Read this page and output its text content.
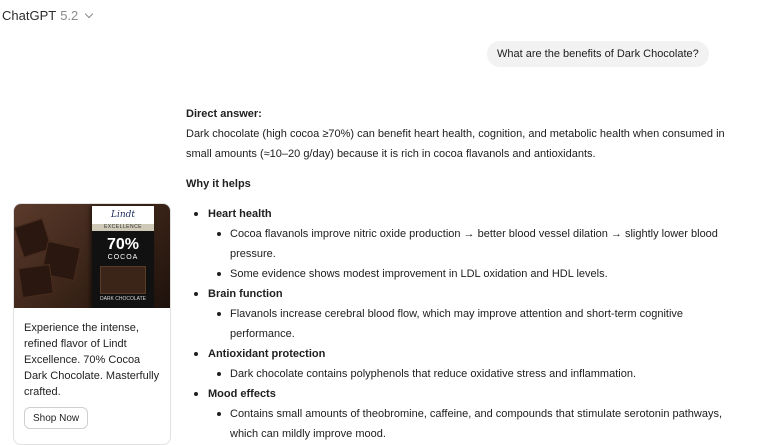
ChatGPT 5.2
What are the benefits of Dark Chocolate?

Direct answer:

Dark chocolate (high cocoa ≥70%) can benefit heart health, cognition, and metabolic health when consumed in small amounts (≈10–20 g/day) because it is rich in cocoa flavanols and antioxidants.

Why it helps

Heart health
Cocoa flavanols improve nitric oxide production → better blood vessel dilation → slightly lower blood pressure.
Some evidence shows modest improvement in LDL oxidation and HDL levels.
Brain function
Flavanols increase cerebral blood flow, which may improve attention and short-term cognitive performance.
Antioxidant protection
Dark chocolate contains polyphenols that reduce oxidative stress and inflammation.
Mood effects
Contains small amounts of theobromine, caffeine, and compounds that stimulate serotonin pathways, which can mildly improve mood.
Lindt
EXCELLENCE
70%
COCOA
DARK CHOCOLATE
Experience the intense, refined flavor of Lindt Excellence. 70% Cocoa Dark Chocolate. Masterfully crafted.
Shop Now
